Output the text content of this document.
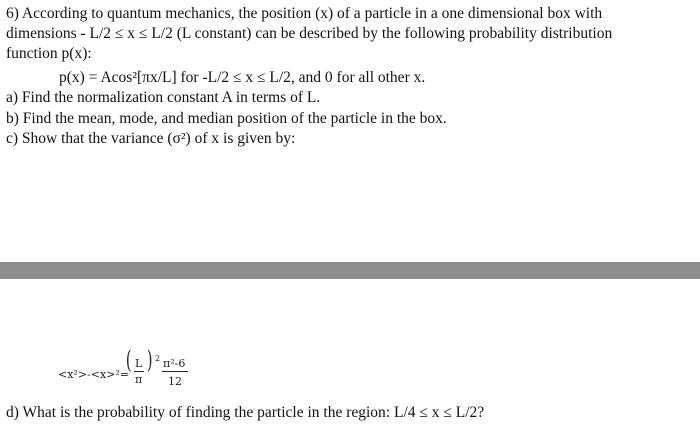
6) According to quantum mechanics, the position (x) of a particle in a one dimensional box with
dimensions - L/2 ≤ x ≤ L/2 (L constant) can be described by the following probability distribution
function p(x):
p(x) = Acos²[πx/L] for -L/2 ≤ x ≤ L/2, and 0 for all other x.
a) Find the normalization constant A in terms of L.
b) Find the mean, mode, and median position of the particle in the box.
c) Show that the variance (σ²) of x is given by:
<x²>-<x>²=
( L
π
) 2 π²-6
12
d) What is the probability of finding the particle in the region: L/4 ≤ x ≤ L/2?
